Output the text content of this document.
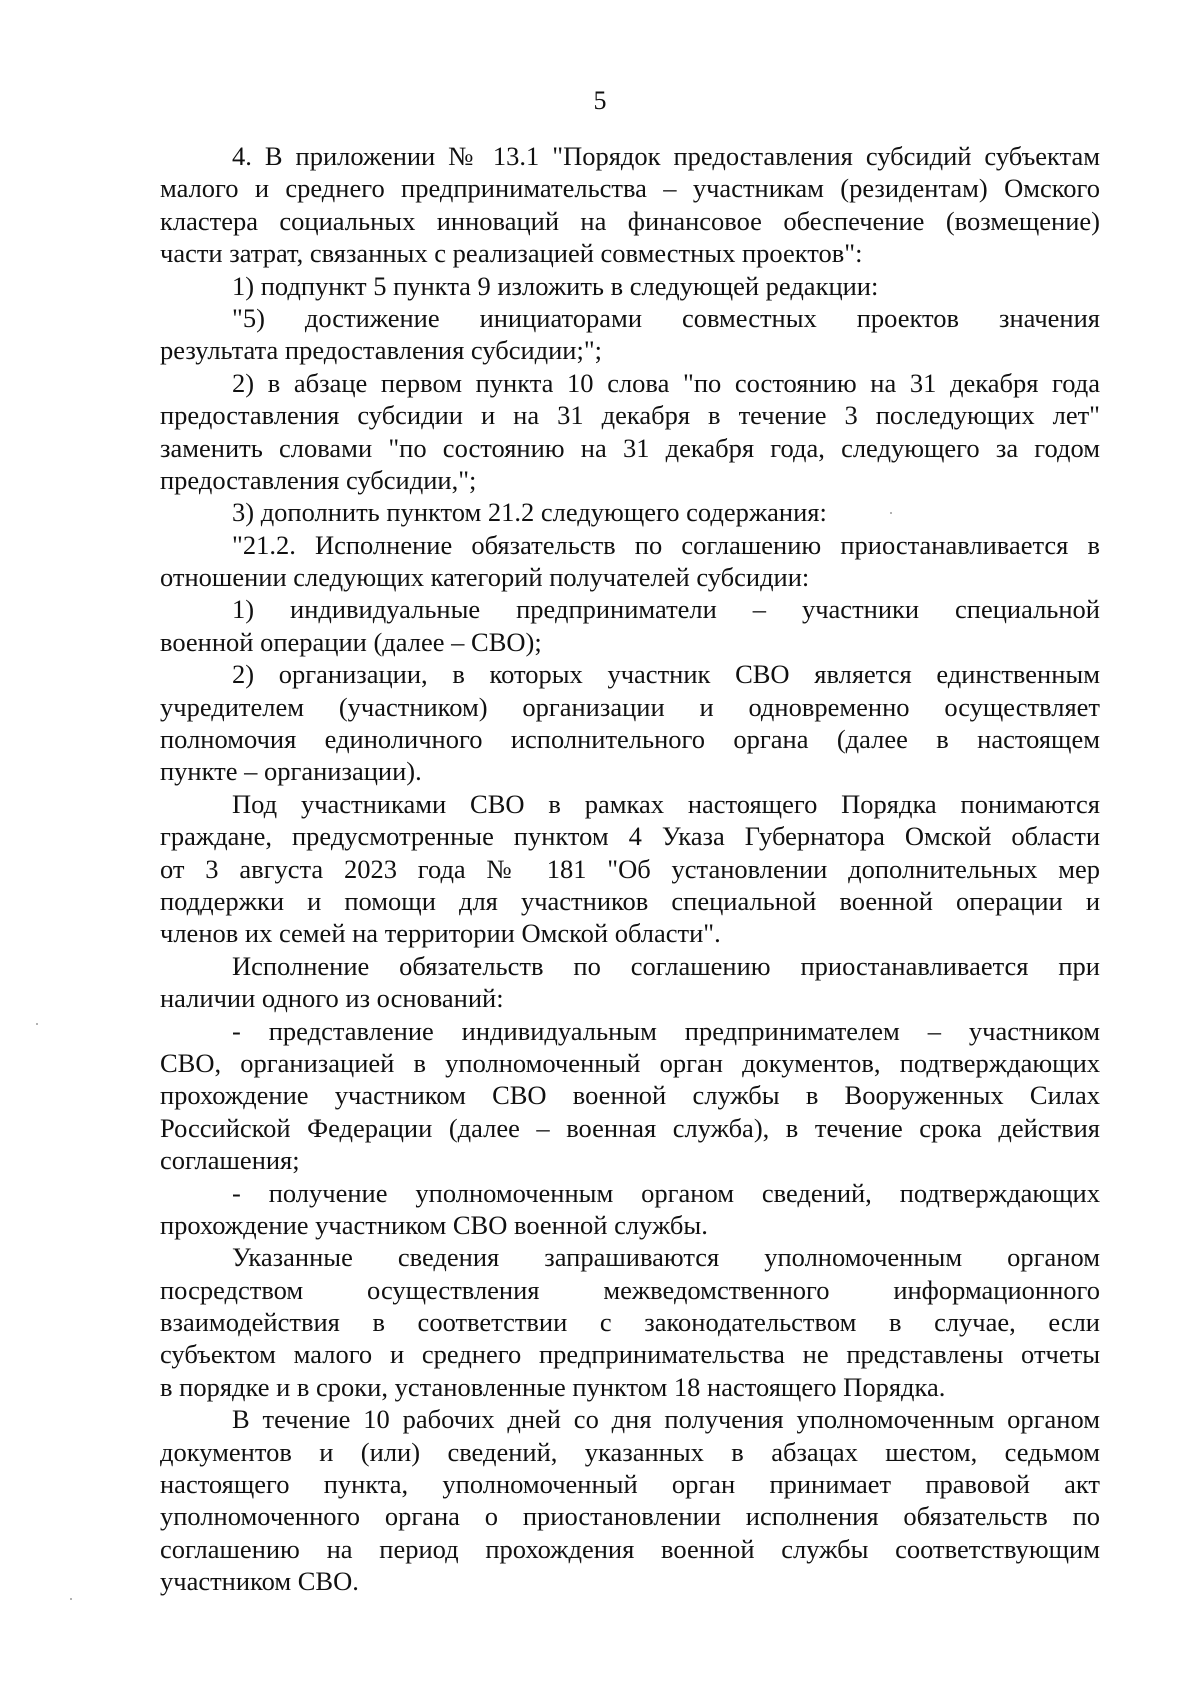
5
4. В приложении № 13.1 "Порядок предоставления субсидий субъектам
малого и среднего предпринимательства – участникам (резидентам) Омского
кластера социальных инноваций на финансовое обеспечение (возмещение)
части затрат, связанных с реализацией совместных проектов":
1) подпункт 5 пункта 9 изложить в следующей редакции:
"5) достижение инициаторами совместных проектов значения
результата предоставления субсидии;";
2) в абзаце первом пункта 10 слова "по состоянию на 31 декабря года
предоставления субсидии и на 31 декабря в течение 3 последующих лет"
заменить словами "по состоянию на 31 декабря года, следующего за годом
предоставления субсидии,";
3) дополнить пунктом 21.2 следующего содержания:
"21.2. Исполнение обязательств по соглашению приостанавливается в
отношении следующих категорий получателей субсидии:
1) индивидуальные предприниматели – участники специальной
военной операции (далее – СВО);
2) организации, в которых участник СВО является единственным
учредителем (участником) организации и одновременно осуществляет
полномочия единоличного исполнительного органа (далее в настоящем
пункте – организации).
Под участниками СВО в рамках настоящего Порядка понимаются
граждане, предусмотренные пунктом 4 Указа Губернатора Омской области
от 3 августа 2023 года № 181 "Об установлении дополнительных мер
поддержки и помощи для участников специальной военной операции и
членов их семей на территории Омской области".
Исполнение обязательств по соглашению приостанавливается при
наличии одного из оснований:
- представление индивидуальным предпринимателем – участником
СВО, организацией в уполномоченный орган документов, подтверждающих
прохождение участником СВО военной службы в Вооруженных Силах
Российской Федерации (далее – военная служба), в течение срока действия
соглашения;
- получение уполномоченным органом сведений, подтверждающих
прохождение участником СВО военной службы.
Указанные сведения запрашиваются уполномоченным органом
посредством осуществления межведомственного информационного
взаимодействия в соответствии с законодательством в случае, если
субъектом малого и среднего предпринимательства не представлены отчеты
в порядке и в сроки, установленные пунктом 18 настоящего Порядка.
В течение 10 рабочих дней со дня получения уполномоченным органом
документов и (или) сведений, указанных в абзацах шестом, седьмом
настоящего пункта, уполномоченный орган принимает правовой акт
уполномоченного органа о приостановлении исполнения обязательств по
соглашению на период прохождения военной службы соответствующим
участником СВО.
